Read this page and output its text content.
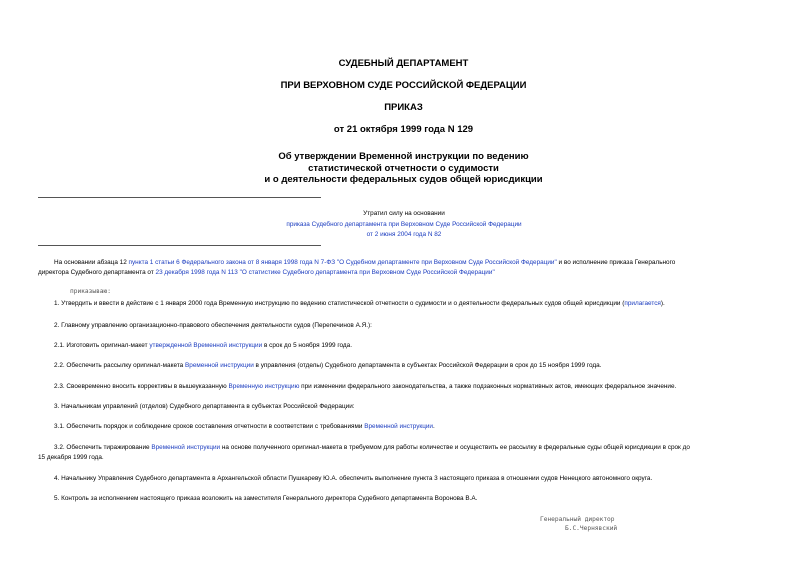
СУДЕБНЫЙ ДЕПАРТАМЕНТ
ПРИ ВЕРХОВНОМ СУДЕ РОССИЙСКОЙ ФЕДЕРАЦИИ
ПРИКАЗ
от 21 октября 1999 года N 129
Об утверждении Временной инструкции по ведению
статистической отчетности о судимости
и о деятельности федеральных судов общей юрисдикции
Утратил силу на основании
приказа Судебного департамента при Верховном Суде Российской Федерации
от 2 июня 2004 года N 82
На основании абзаца 12 пункта 1 статьи 6 Федерального закона от 8 января 1998 года N 7-ФЗ "О Судебном департаменте при Верховном Суде Российской Федерации" и во исполнение приказа Генерального
директора Судебного департамента от 23 декабря 1998 года N 113 "О статистике Судебного департамента при Верховном Суде Российской Федерации"
приказываю:
1. Утвердить и ввести в действие с 1 января 2000 года Временную инструкцию по ведению статистической отчетности о судимости и о деятельности федеральных судов общей юрисдикции (прилагается).
2. Главному управлению организационно-правового обеспечения деятельности судов (Перепечинов А.Я.):
2.1. Изготовить оригинал-макет утвержденной Временной инструкции в срок до 5 ноября 1999 года.
2.2. Обеспечить рассылку оригинал-макета Временной инструкции в управления (отделы) Судебного департамента в субъектах Российской Федерации в срок до 15 ноября 1999 года.
2.3. Своевременно вносить коррективы в вышеуказанную Временную инструкцию при изменении федерального законодательства, а также подзаконных нормативных актов, имеющих федеральное значение.
3. Начальникам управлений (отделов) Судебного департамента в субъектах Российской Федерации:
3.1. Обеспечить порядок и соблюдение сроков составления отчетности в соответствии с требованиями Временной инструкции.
3.2. Обеспечить тиражирование Временной инструкции на основе полученного оригинал-макета в требуемом для работы количестве и осуществить ее рассылку в федеральные суды общей юрисдикции в срок до
15 декабря 1999 года.
4. Начальнику Управления Судебного департамента в Архангельской области Пушкареву Ю.А. обеспечить выполнение пункта 3 настоящего приказа в отношении судов Ненецкого автономного округа.
5. Контроль за исполнением настоящего приказа возложить на заместителя Генерального директора Судебного департамента Воронова В.А.
Генеральный директор
Б.С.Чернявский
